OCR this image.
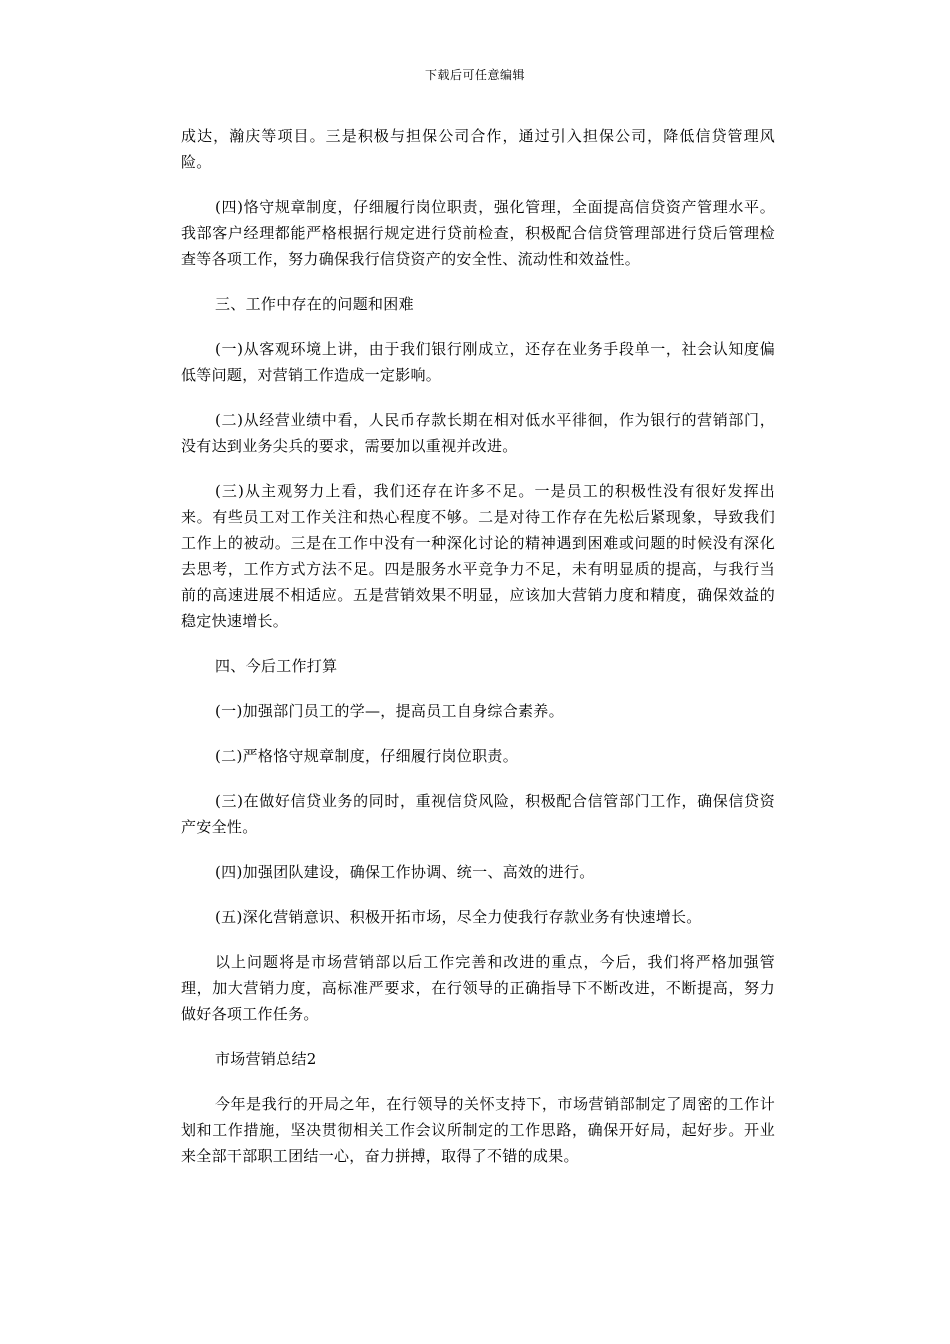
下载后可任意编辑

成达，瀚庆等项目。三是积极与担保公司合作，通过引入担保公司，降低信贷管理风险。

(四)恪守规章制度，仔细履行岗位职责，强化管理，全面提高信贷资产管理水平。我部客户经理都能严格根据行规定进行贷前检查，积极配合信贷管理部进行贷后管理检查等各项工作，努力确保我行信贷资产的安全性、流动性和效益性。

三、工作中存在的问题和困难

(一)从客观环境上讲，由于我们银行刚成立，还存在业务手段单一，社会认知度偏低等问题，对营销工作造成一定影响。

(二)从经营业绩中看，人民币存款长期在相对低水平徘徊，作为银行的营销部门，没有达到业务尖兵的要求，需要加以重视并改进。

(三)从主观努力上看，我们还存在许多不足。一是员工的积极性没有很好发挥出来。有些员工对工作关注和热心程度不够。二是对待工作存在先松后紧现象，导致我们工作上的被动。三是在工作中没有一种深化讨论的精神遇到困难或问题的时候没有深化去思考，工作方式方法不足。四是服务水平竞争力不足，未有明显质的提高，与我行当前的高速进展不相适应。五是营销效果不明显，应该加大营销力度和精度，确保效益的稳定快速增长。

四、今后工作打算

(一)加强部门员工的学—，提高员工自身综合素养。

(二)严格恪守规章制度，仔细履行岗位职责。

(三)在做好信贷业务的同时，重视信贷风险，积极配合信管部门工作，确保信贷资产安全性。

(四)加强团队建设，确保工作协调、统一、高效的进行。

(五)深化营销意识、积极开拓市场，尽全力使我行存款业务有快速增长。

以上问题将是市场营销部以后工作完善和改进的重点，今后，我们将严格加强管理，加大营销力度，高标准严要求，在行领导的正确指导下不断改进，不断提高，努力做好各项工作任务。

市场营销总结2

今年是我行的开局之年，在行领导的关怀支持下，市场营销部制定了周密的工作计划和工作措施，坚决贯彻相关工作会议所制定的工作思路，确保开好局，起好步。开业来全部干部职工团结一心，奋力拼搏，取得了不错的成果。
